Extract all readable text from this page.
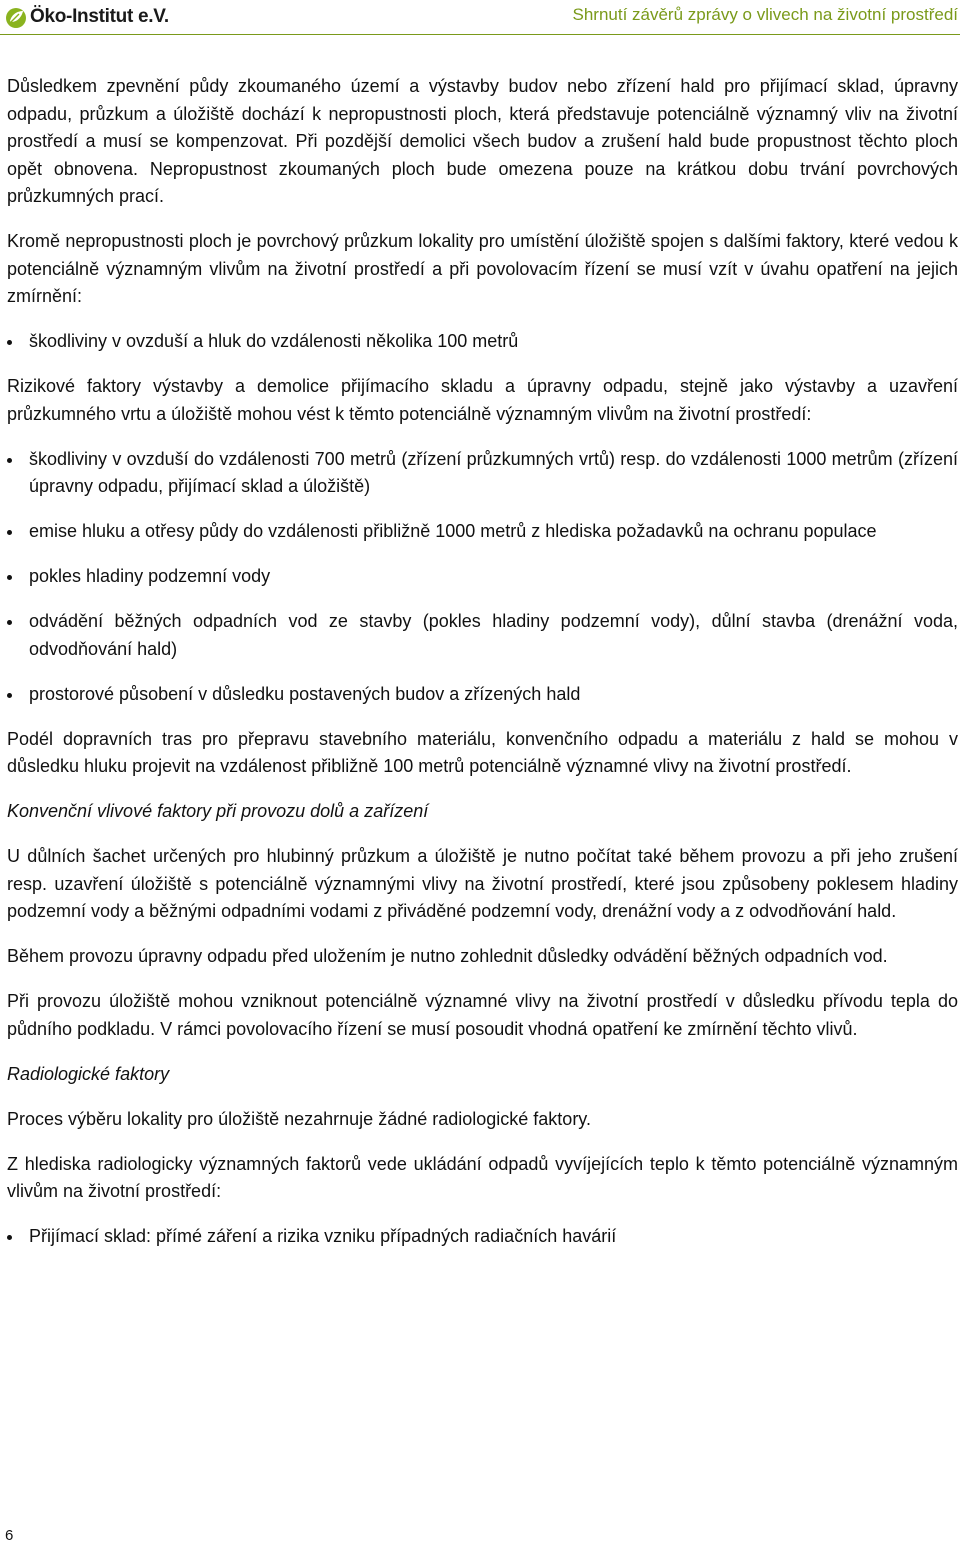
Öko-Institut e.V.	Shrnutí závěrů zprávy o vlivech na životní prostředí

Důsledkem zpevnění půdy zkoumaného území a výstavby budov nebo zřízení hald pro přijímací sklad, úpravny odpadu, průzkum a úložiště dochází k nepropustnosti ploch, která představuje potenciálně významný vliv na životní prostředí a musí se kompenzovat. Při pozdější demolici všech budov a zrušení hald bude propustnost těchto ploch opět obnovena. Nepropustnost zkoumaných ploch bude omezena pouze na krátkou dobu trvání povrchových průzkumných prací.

Kromě nepropustnosti ploch je povrchový průzkum lokality pro umístění úložiště spojen s dalšími faktory, které vedou k potenciálně významným vlivům na životní prostředí a při povolovacím řízení se musí vzít v úvahu opatření na jejich zmírnění:

škodliviny v ovzduší a hluk do vzdálenosti několika 100 metrů

Rizikové faktory výstavby a demolice přijímacího skladu a úpravny odpadu, stejně jako výstavby a uzavření průzkumného vrtu a úložiště mohou vést k těmto potenciálně významným vlivům na životní prostředí:

škodliviny v ovzduší do vzdálenosti 700 metrů (zřízení průzkumných vrtů) resp. do vzdálenosti 1000 metrům (zřízení úpravny odpadu, přijímací sklad a úložiště)
emise hluku a otřesy půdy do vzdálenosti přibližně 1000 metrů z hlediska požadavků na ochranu populace
pokles hladiny podzemní vody
odvádění běžných odpadních vod ze stavby (pokles hladiny podzemní vody), důlní stavba (drenážní voda, odvodňování hald)
prostorové působení v důsledku postavených budov a zřízených hald

Podél dopravních tras pro přepravu stavebního materiálu, konvenčního odpadu a materiálu z hald se mohou v důsledku hluku projevit na vzdálenost přibližně 100 metrů potenciálně významné vlivy na životní prostředí.

Konvenční vlivové faktory při provozu dolů a zařízení

U důlních šachet určených pro hlubinný průzkum a úložiště je nutno počítat také během provozu a při jeho zrušení resp. uzavření úložiště s potenciálně významnými vlivy na životní prostředí, které jsou způsobeny poklesem hladiny podzemní vody a běžnými odpadními vodami z přiváděné podzemní vody, drenážní vody a z odvodňování hald.

Během provozu úpravny odpadu před uložením je nutno zohlednit důsledky odvádění běžných odpadních vod.

Při provozu úložiště mohou vzniknout potenciálně významné vlivy na životní prostředí v důsledku přívodu tepla do půdního podkladu. V rámci povolovacího řízení se musí posoudit vhodná opatření ke zmírnění těchto vlivů.

Radiologické faktory

Proces výběru lokality pro úložiště nezahrnuje žádné radiologické faktory.

Z hlediska radiologicky významných faktorů vede ukládání odpadů vyvíjejících teplo k těmto potenciálně významným vlivům na životní prostředí:

Přijímací sklad: přímé záření a rizika vzniku případných radiačních havárií
6
